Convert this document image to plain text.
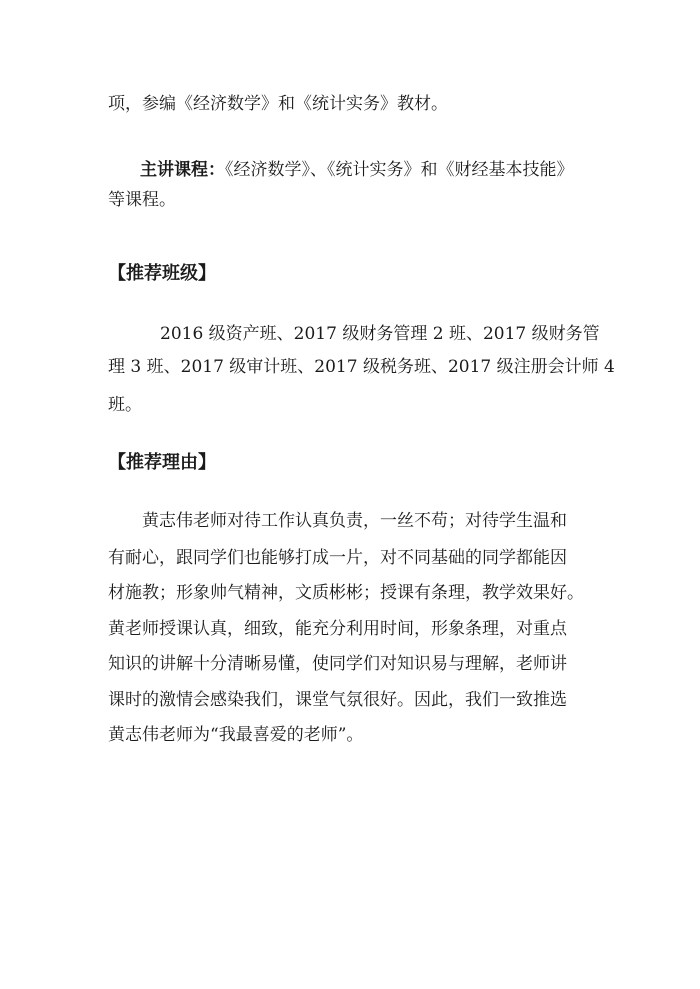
项，参编《经济数学》和《统计实务》教材。
主讲课程：《经济数学》、《统计实务》和《财经基本技能》
等课程。
【推荐班级】
2016 级资产班、2017 级财务管理 2 班、2017 级财务管
理 3 班、2017 级审计班、2017 级税务班、2017 级注册会计师 4
班。
【推荐理由】
黄志伟老师对待工作认真负责，一丝不苟；对待学生温和
有耐心，跟同学们也能够打成一片，对不同基础的同学都能因
材施教；形象帅气精神，文质彬彬；授课有条理，教学效果好。
黄老师授课认真，细致，能充分利用时间，形象条理，对重点
知识的讲解十分清晰易懂，使同学们对知识易与理解，老师讲
课时的激情会感染我们，课堂气氛很好。因此，我们一致推选
黄志伟老师为“我最喜爱的老师”。
